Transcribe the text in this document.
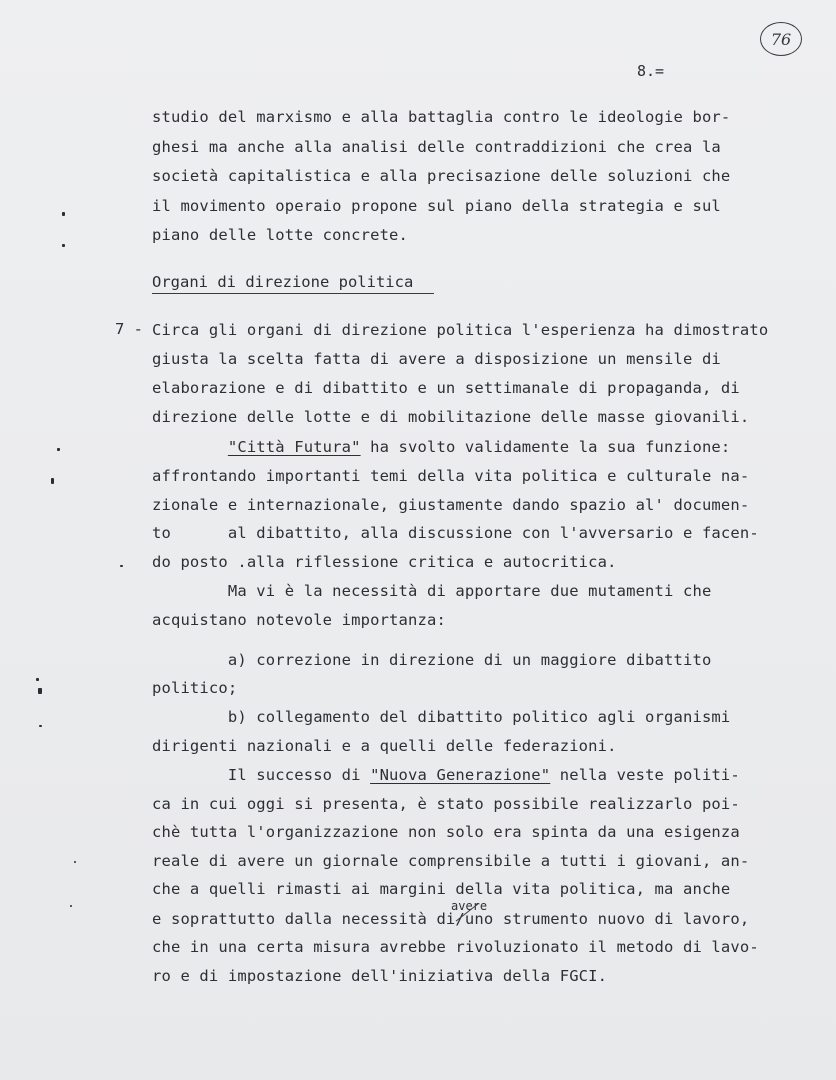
76
8.=
studio del marxismo e alla battaglia contro le ideologie bor-
ghesi ma anche alla analisi delle contraddizioni che crea la
società capitalistica e alla precisazione delle soluzioni che
il movimento operaio propone sul piano della strategia e sul
piano delle lotte concrete.
Organi di direzione politica
7 - Circa gli organi di direzione politica l'esperienza ha dimostrato
giusta la scelta fatta di avere a disposizione un mensile di
elaborazione e di dibattito e un settimanale di propaganda, di
direzione delle lotte e di mobilitazione delle masse giovanili.
"Città Futura" ha svolto validamente la sua funzione:
affrontando importanti temi della vita politica e culturale na-
zionale e internazionale, giustamente dando spazio al' documen-
to      al dibattito, alla discussione con l'avversario e facen-
do posto .alla riflessione critica e autocritica.
Ma vi è la necessità di apportare due mutamenti che
acquistano notevole importanza:
a) correzione in direzione di un maggiore dibattito
politico;
b) collegamento del dibattito politico agli organismi
dirigenti nazionali e a quelli delle federazioni.
Il successo di "Nuova Generazione" nella veste politi-
ca in cui oggi si presenta, è stato possibile realizzarlo poi-
chè tutta l'organizzazione non solo era spinta da una esigenza
reale di avere un giornale comprensibile a tutti i giovani, an-
che a quelli rimasti ai margini della vita politica, ma anche
e soprattutto dalla necessità di/uno strumento nuovo di lavoro,
che in una certa misura avrebbe rivoluzionato il metodo di lavo-
ro e di impostazione dell'iniziativa della FGCI.
avere
